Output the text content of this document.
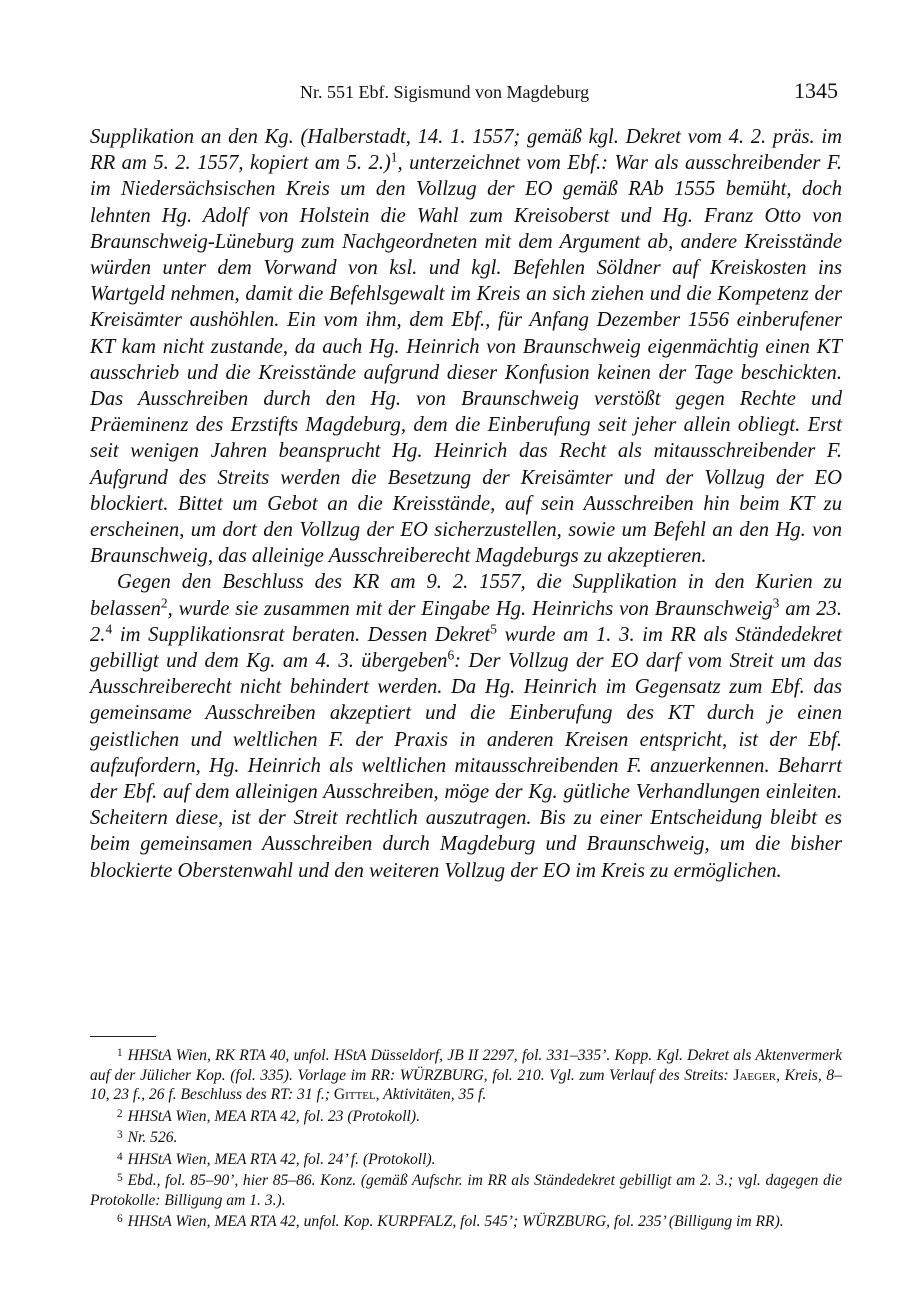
Nr. 551 Ebf. Sigismund von Magdeburg	1345

Supplikation an den Kg. (Halberstadt, 14. 1. 1557; gemäß kgl. Dekret vom 4. 2. präs. im RR am 5. 2. 1557, kopiert am 5. 2.)$^1$, unterzeichnet vom Ebf.: War als ausschreibender F. im Niedersächsischen Kreis um den Vollzug der EO gemäß RAb 1555 bemüht, doch lehnten Hg. Adolf von Holstein die Wahl zum Kreisoberst und Hg. Franz Otto von Braunschweig-Lüneburg zum Nachgeordneten mit dem Argument ab, andere Kreisstände würden unter dem Vorwand von ksl. und kgl. Befehlen Söldner auf Kreiskosten ins Wartgeld nehmen, damit die Befehlsgewalt im Kreis an sich ziehen und die Kompetenz der Kreisämter aushöhlen. Ein vom ihm, dem Ebf., für Anfang Dezember 1556 einberufener KT kam nicht zustande, da auch Hg. Heinrich von Braunschweig eigenmächtig einen KT ausschrieb und die Kreisstände aufgrund dieser Konfusion keinen der Tage beschickten. Das Ausschreiben durch den Hg. von Braunschweig verstößt gegen Rechte und Präeminenz des Erzstifts Magdeburg, dem die Einberufung seit jeher allein obliegt. Erst seit wenigen Jahren beansprucht Hg. Heinrich das Recht als mitausschreibender F. Aufgrund des Streits werden die Besetzung der Kreisämter und der Vollzug der EO blockiert. Bittet um Gebot an die Kreisstände, auf sein Ausschreiben hin beim KT zu erscheinen, um dort den Vollzug der EO sicherzustellen, sowie um Befehl an den Hg. von Braunschweig, das alleinige Ausschreiberecht Magdeburgs zu akzeptieren.

Gegen den Beschluss des KR am 9. 2. 1557, die Supplikation in den Kurien zu belassen$^2$, wurde sie zusammen mit der Eingabe Hg. Heinrichs von Braunschweig$^3$ am 23. 2.$^4$ im Supplikationsrat beraten. Dessen Dekret$^5$ wurde am 1. 3. im RR als Ständedekret gebilligt und dem Kg. am 4. 3. übergeben$^6$: Der Vollzug der EO darf vom Streit um das Ausschreiberecht nicht behindert werden. Da Hg. Heinrich im Gegensatz zum Ebf. das gemeinsame Ausschreiben akzeptiert und die Einberufung des KT durch je einen geistlichen und weltlichen F. der Praxis in anderen Kreisen entspricht, ist der Ebf. aufzufordern, Hg. Heinrich als weltlichen mitausschreibenden F. anzuerkennen. Beharrt der Ebf. auf dem alleinigen Ausschreiben, möge der Kg. gütliche Verhandlungen einleiten. Scheitern diese, ist der Streit rechtlich auszutragen. Bis zu einer Entscheidung bleibt es beim gemeinsamen Ausschreiben durch Magdeburg und Braunschweig, um die bisher blockierte Oberstenwahl und den weiteren Vollzug der EO im Kreis zu ermöglichen.

$^1$ HHStA Wien, RK RTA 40, unfol. HStA Düsseldorf, JB II 2297, fol. 331–335’. Kopp. Kgl. Dekret als Aktenvermerk auf der Jülicher Kop. (fol. 335). Vorlage im RR: WÜRZBURG, fol. 210. Vgl. zum Verlauf des Streits: Jaeger, Kreis, 8–10, 23 f., 26 f. Beschluss des RT: 31 f.; Gittel, Aktivitäten, 35 f.

$^2$ HHStA Wien, MEA RTA 42, fol. 23 (Protokoll).

$^3$ Nr. 526.

$^4$ HHStA Wien, MEA RTA 42, fol. 24’ f. (Protokoll).

$^5$ Ebd., fol. 85–90’, hier 85–86. Konz. (gemäß Aufschr. im RR als Ständedekret gebilligt am 2. 3.; vgl. dagegen die Protokolle: Billigung am 1. 3.).

$^6$ HHStA Wien, MEA RTA 42, unfol. Kop. KURPFALZ, fol. 545’; WÜRZBURG, fol. 235’ (Billigung im RR).
